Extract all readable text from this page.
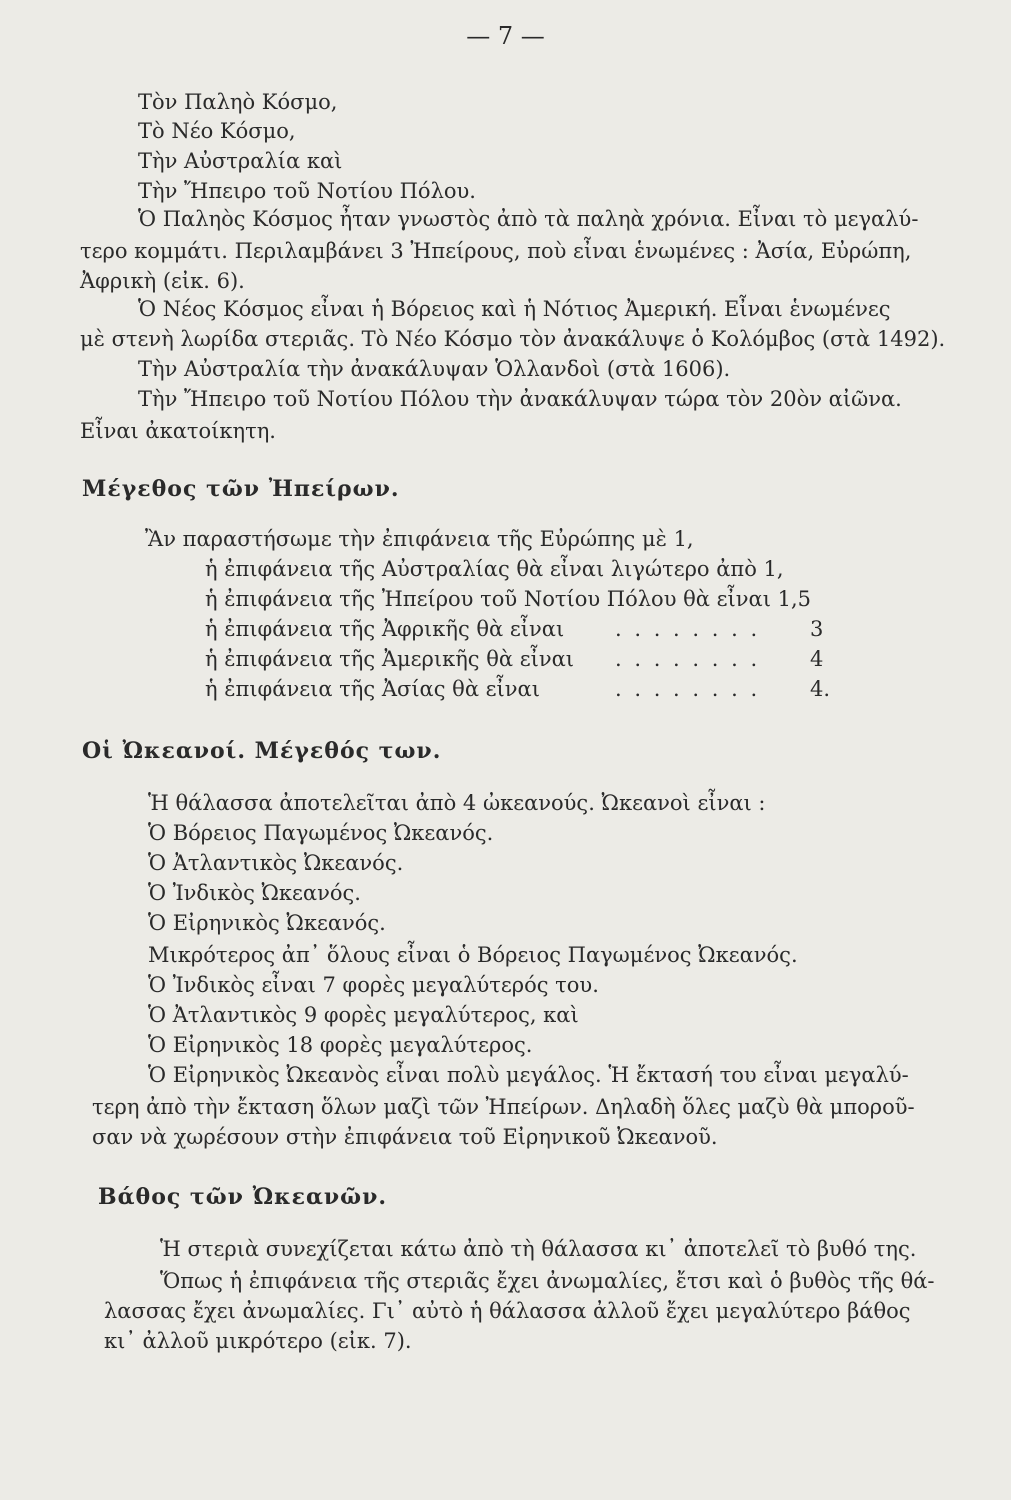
— 7 —
Τὸν Παληὸ Κόσμο,
Τὸ Νέο Κόσμο,
Τὴν Αὐστραλία καὶ
Τὴν Ἤπειρο τοῦ Νοτίου Πόλου.
Ὁ Παληὸς Κόσμος ἦταν γνωστὸς ἀπὸ τὰ παληὰ χρόνια. Εἶναι τὸ μεγαλύ-
τερο κομμάτι. Περιλαμβάνει 3 Ἠπείρους, ποὺ εἶναι ἑνωμένες : Ἀσία, Εὐρώπη,
Ἀφρικὴ (εἰκ. 6).
Ὁ Νέος Κόσμος εἶναι ἡ Βόρειος καὶ ἡ Νότιος Ἀμερική. Εἶναι ἑνωμένες
μὲ στενὴ λωρίδα στεριᾶς. Τὸ Νέο Κόσμο τὸν ἀνακάλυψε ὁ Κολόμβος (στὰ 1492).
Τὴν Αὐστραλία τὴν ἀνακάλυψαν Ὁλλανδοὶ (στὰ 1606).
Τὴν Ἤπειρο τοῦ Νοτίου Πόλου τὴν ἀνακάλυψαν τώρα τὸν 20ὸν αἰῶνα.
Εἶναι ἀκατοίκητη.
Μέγεθος τῶν Ἠπείρων.
Ἂν παραστήσωμε τὴν ἐπιφάνεια τῆς Εὐρώπης μὲ 1,
ἡ ἐπιφάνεια τῆς Αὐστραλίας θὰ εἶναι λιγώτερο ἀπὸ 1,
ἡ ἐπιφάνεια τῆς Ἠπείρου τοῦ Νοτίου Πόλου θὰ εἶναι 1,5
ἡ ἐπιφάνεια τῆς Ἀφρικῆς θὰ εἶναι . . . . . . . . 3
ἡ ἐπιφάνεια τῆς Ἀμερικῆς θὰ εἶναι . . . . . . . . 4
ἡ ἐπιφάνεια τῆς Ἀσίας θὰ εἶναι	. . . . . . . . 4.
Οἱ Ὠκεανοί. Μέγεθός των.
Ἡ θάλασσα ἀποτελεῖται ἀπὸ 4 ὠκεανούς. Ὠκεανοὶ εἶναι :
Ὁ Βόρειος Παγωμένος Ὠκεανός.
Ὁ Ἀτλαντικὸς Ὠκεανός.
Ὁ Ἰνδικὸς Ὠκεανός.
Ὁ Εἰρηνικὸς Ὠκεανός.
Μικρότερος ἀπ᾿ ὅλους εἶναι ὁ Βόρειος Παγωμένος Ὠκεανός.
Ὁ Ἰνδικὸς εἶναι 7 φορὲς μεγαλύτερός του.
Ὁ Ἀτλαντικὸς 9 φορὲς μεγαλύτερος, καὶ
Ὁ Εἰρηνικὸς 18 φορὲς μεγαλύτερος.
Ὁ Εἰρηνικὸς Ὠκεανὸς εἶναι πολὺ μεγάλος. Ἡ ἔκτασή του εἶναι μεγαλύ-
τερη ἀπὸ τὴν ἔκταση ὅλων μαζὶ τῶν Ἠπείρων. Δηλαδὴ ὅλες μαζὺ θὰ μποροῦ-
σαν νὰ χωρέσουν στὴν ἐπιφάνεια τοῦ Εἰρηνικοῦ Ὠκεανοῦ.
Βάθος τῶν Ὠκεανῶν.
Ἡ στεριὰ συνεχίζεται κάτω ἀπὸ τὴ θάλασσα κι᾿ ἀποτελεῖ τὸ βυθό της.
Ὅπως ἡ ἐπιφάνεια τῆς στεριᾶς ἔχει ἀνωμαλίες, ἔτσι καὶ ὁ βυθὸς τῆς θά-
λασσας ἔχει ἀνωμαλίες. Γι᾿ αὐτὸ ἡ θάλασσα ἀλλοῦ ἔχει μεγαλύτερο βάθος
κι᾿ ἀλλοῦ μικρότερο (εἰκ. 7).
